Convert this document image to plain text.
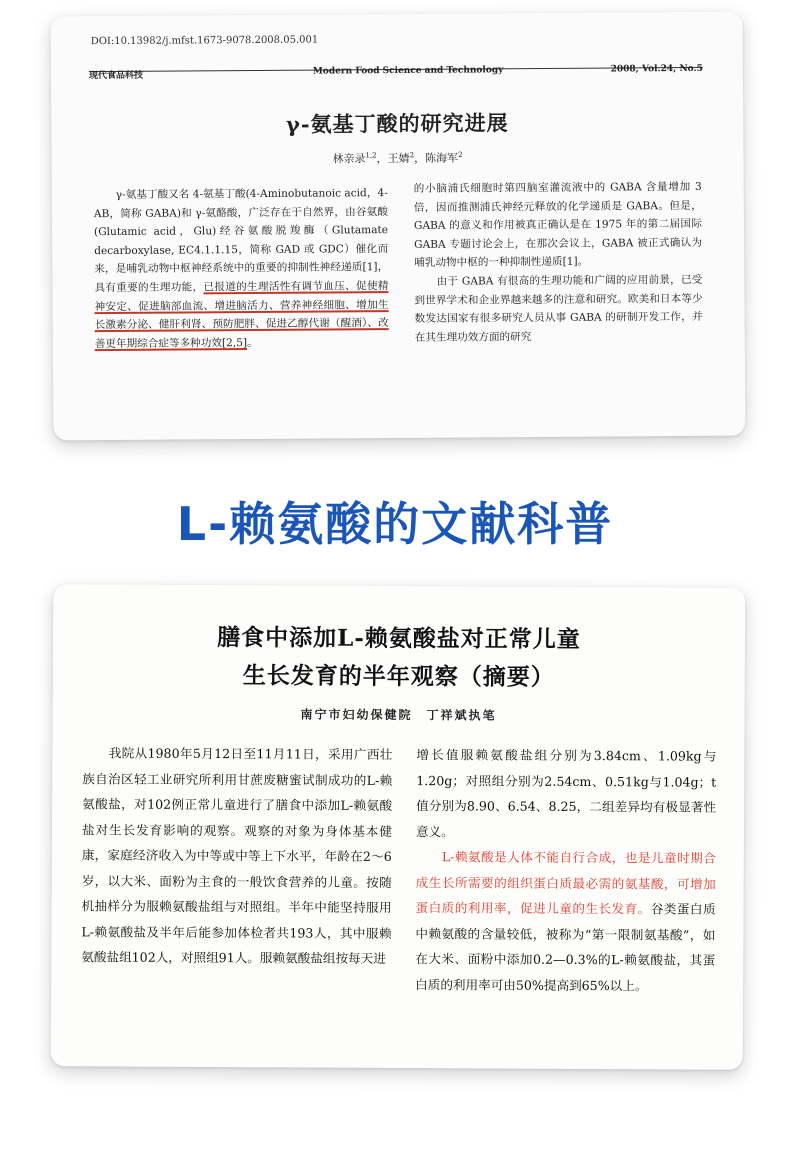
DOI:10.13982/j.mfst.1673-9078.2008.05.001
现代食品科技	Modern Food Science and Technology	2008, Vol.24, No.5
γ-氨基丁酸的研究进展
林亲录$^{1,2}$，王婧$^2$，陈海军$^2$
γ-氨基丁酸又名 4-氨基丁酸(4-Aminobutanoic acid，4-AB，简称 GABA)和 γ-氨酪酸，广泛存在于自然界，由谷氨酸(Glutamic acid，Glu)经谷氨酸脱羧酶（Glutamate decarboxylase, EC4.1.1.15，简称 GAD 或 GDC）催化而来，是哺乳动物中枢神经系统中的重要的抑制性神经递质[1]，具有重要的生理功能，已报道的生理活性有调节血压、促使精神安定、促进脑部血流、增进脑活力、营养神经细胞、增加生长激素分泌、健肝利肾、预防肥胖、促进乙醇代谢（醒酒）、改善更年期综合症等多种功效[2,5]。
的小脑浦氏细胞时第四脑室灌流液中的 GABA 含量增加 3 倍，因而推测浦氏神经元释放的化学递质是 GABA。但是，GABA 的意义和作用被真正确认是在 1975 年的第二届国际 GABA 专题讨论会上，在那次会议上，GABA 被正式确认为哺乳动物中枢的一种抑制性递质[1]。
由于 GABA 有很高的生理功能和广阔的应用前景，已受到世界学术和企业界越来越多的注意和研究。欧美和日本等少数发达国家有很多研究人员从事 GABA 的研制开发工作，并在其生理功效方面的研究
L-赖氨酸的文献科普
膳食中添加L-赖氨酸盐对正常儿童
生长发育的半年观察（摘要）
南宁市妇幼保健院　丁祥斌执笔
我院从1980年5月12日至11月11日，采用广西壮族自治区轻工业研究所利用甘蔗废糖蜜试制成功的L-赖氨酸盐，对102例正常儿童进行了膳食中添加L-赖氨酸盐对生长发育影响的观察。观察的对象为身体基本健康，家庭经济收入为中等或中等上下水平，年龄在2～6岁，以大米、面粉为主食的一般饮食营养的儿童。按随机抽样分为服赖氨酸盐组与对照组。半年中能坚持服用L-赖氨酸盐及半年后能参加体检者共193人，其中服赖氨酸盐组102人，对照组91人。服赖氨酸盐组按每天进
增长值服赖氨酸盐组分别为3.84cm、1.09kg与1.20g；对照组分别为2.54cm、0.51kg与1.04g；t值分别为8.90、6.54、8.25，二组差异均有极显著性意义。
L-赖氨酸是人体不能自行合成，也是儿童时期合成生长所需要的组织蛋白质最必需的氨基酸，可增加蛋白质的利用率，促进儿童的生长发育。谷类蛋白质中赖氨酸的含量较低，被称为“第一限制氨基酸”，如在大米、面粉中添加0.2—0.3%的L-赖氨酸盐，其蛋白质的利用率可由50%提高到65%以上。
